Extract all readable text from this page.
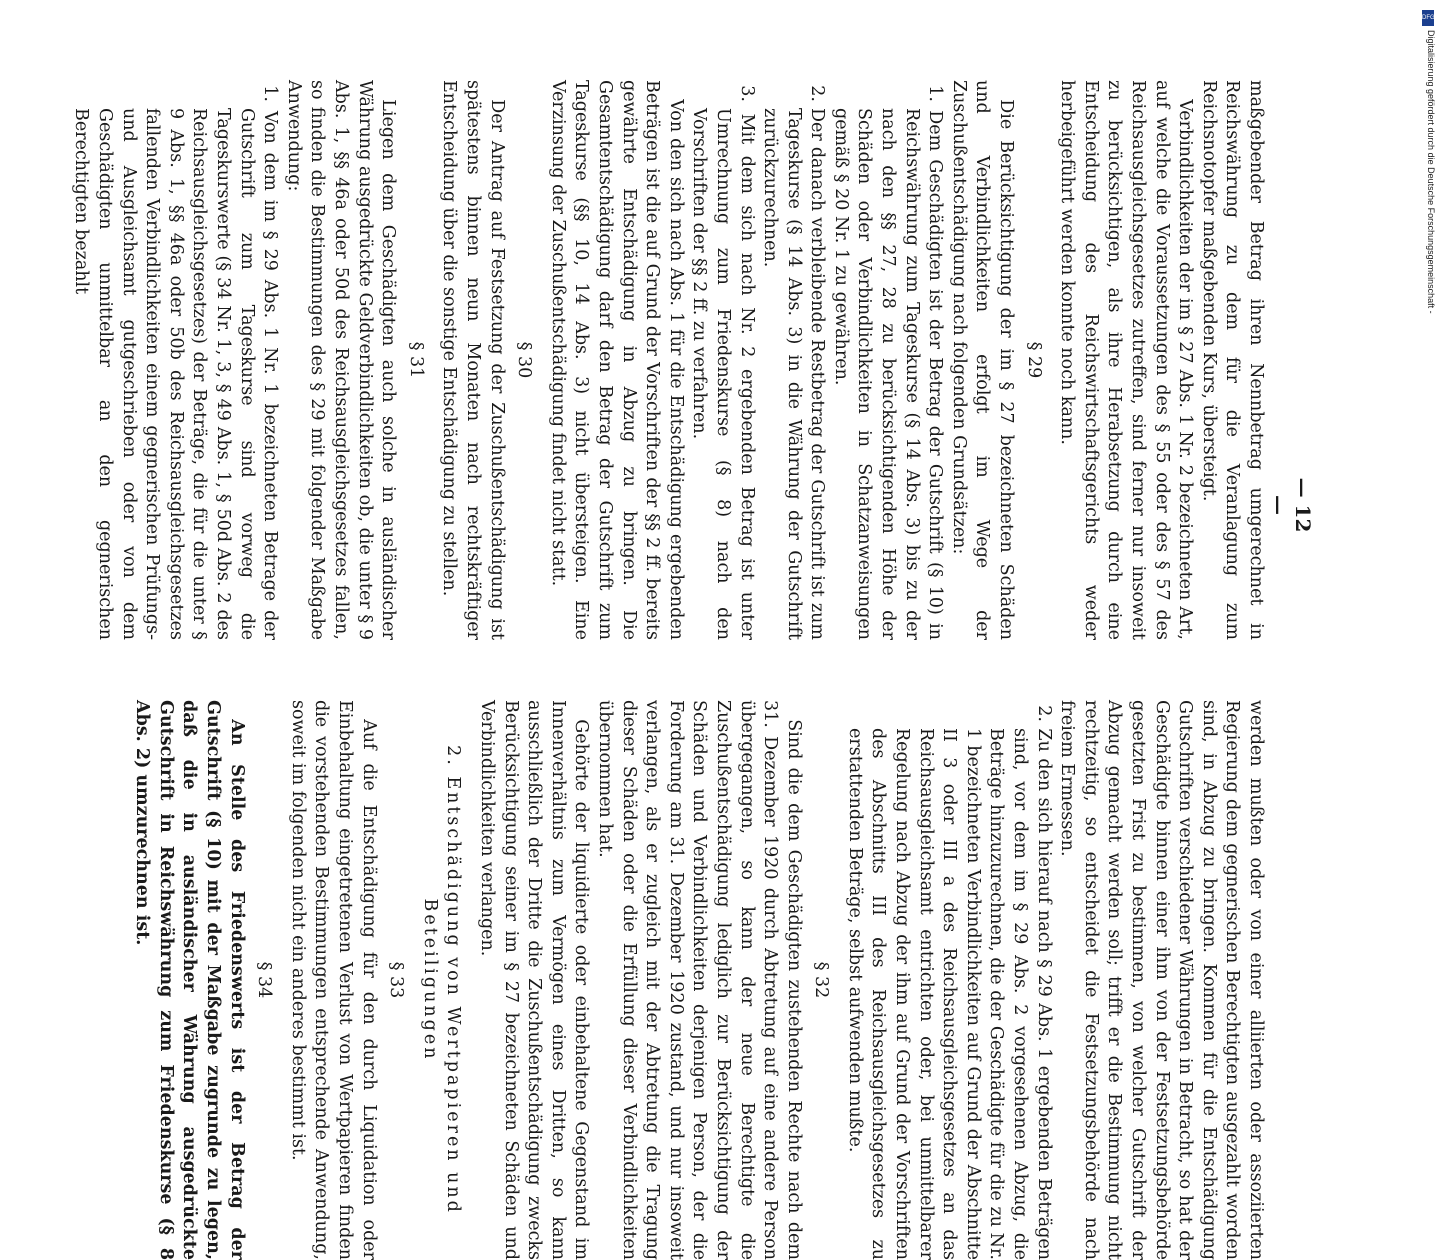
— 12 —

maßgebender Betrag ihren Nennbetrag umgerechnet in Reichswährung zu dem für die Veranlagung zum Reichsnotopfer maßgebenden Kurs, übersteigt.

Verbindlichkeiten der im § 27 Abs. 1 Nr. 2 bezeichneten Art, auf welche die Voraussetzungen des § 55 oder des § 57 des Reichsausgleichsgesetzes zutreffen, sind ferner nur insoweit zu berücksichtigen, als ihre Herabsetzung durch eine Entscheidung des Reichswirtschaftsgerichts weder herbeigeführt werden konnte noch kann.

§ 29

Die Berücksichtigung der im § 27 bezeichneten Schäden und Verbindlichkeiten erfolgt im Wege der Zuschußentschädigung nach folgenden Grundsätzen:

1. Dem Geschädigten ist der Betrag der Gutschrift (§ 10) in Reichswährung zum Tageskurse (§ 14 Abs. 3) bis zu der nach den §§ 27, 28 zu berücksichtigenden Höhe der Schäden oder Verbindlichkeiten in Schatzanweisungen gemäß § 20 Nr. 1 zu gewähren.

2. Der danach verbleibende Restbetrag der Gutschrift ist zum Tageskurse (§ 14 Abs. 3) in die Währung der Gutschrift zurückzurechnen.

3. Mit dem sich nach Nr. 2 ergebenden Betrag ist unter Umrechnung zum Friedenskurse (§ 8) nach den Vorschriften der §§ 2 ff. zu verfahren.

Von den sich nach Abs. 1 für die Entschädigung ergebenden Beträgen ist die auf Grund der Vorschriften der §§ 2 ff. bereits gewährte Entschädigung in Abzug zu bringen. Die Gesamtentschädigung darf den Betrag der Gutschrift zum Tageskurse (§§ 10, 14 Abs. 3) nicht übersteigen. Eine Verzinsung der Zuschußentschädigung findet nicht statt.

§ 30

Der Antrag auf Festsetzung der Zuschußentschädigung ist spätestens binnen neun Monaten nach rechtskräftiger Entscheidung über die sonstige Entschädigung zu stellen.

§ 31

Liegen dem Geschädigten auch solche in ausländischer Währung ausgedrückte Geldverbindlichkeiten ob, die unter § 9 Abs. 1, §§ 46a oder 50d des Reichsausgleichsgesetzes fallen, so finden die Bestimmungen des § 29 mit folgender Maßgabe Anwendung:

1. Von dem im § 29 Abs. 1 Nr. 1 bezeichneten Betrage der Gutschrift zum Tageskurse sind vorweg die Tageskurswerte (§ 34 Nr. 1, 3, § 49 Abs. 1, § 50d Abs. 2 des Reichsausgleichsgesetzes) der Beträge, die für die unter § 9 Abs. 1, §§ 46a oder 50b des Reichsausgleichsgesetzes fallenden Verbindlichkeiten einem gegnerischen Prüfungs- und Ausgleichsamt gutgeschrieben oder von dem Geschädigten unmittelbar an den gegnerischen Berechtigten bezahlt

werden mußten oder von einer alliierten oder assoziierten Regierung dem gegnerischen Berechtigten ausgezahlt worden sind, in Abzug zu bringen. Kommen für die Entschädigung Gutschriften verschiedener Währungen in Betracht, so hat der Geschädigte binnen einer ihm von der Festsetzungsbehörde gesetzten Frist zu bestimmen, von welcher Gutschrift der Abzug gemacht werden soll; trifft er die Bestimmung nicht rechtzeitig, so entscheidet die Festsetzungsbehörde nach freiem Ermessen.

2. Zu den sich hierauf nach § 29 Abs. 1 ergebenden Beträgen sind, vor dem im § 29 Abs. 2 vorgesehenen Abzug, die Beträge hinzuzurechnen, die der Geschädigte für die zu Nr. 1 bezeichneten Verbindlichkeiten auf Grund der Abschnitte II 3 oder III a des Reichsausgleichsgesetzes an das Reichsausgleichsamt entrichten oder, bei unmittelbarer Regelung nach Abzug der ihm auf Grund der Vorschriften des Abschnitts III des Reichsausgleichsgesetzes zu erstattenden Beträge, selbst aufwenden mußte.

§ 32

Sind die dem Geschädigten zustehenden Rechte nach dem 31. Dezember 1920 durch Abtretung auf eine andere Person übergegangen, so kann der neue Berechtigte die Zuschußentschädigung lediglich zur Berücksichtigung der Schäden und Verbindlichkeiten derjenigen Person, der die Forderung am 31. Dezember 1920 zustand, und nur insoweit verlangen, als er zugleich mit der Abtretung die Tragung dieser Schäden oder die Erfüllung dieser Verbindlichkeiten übernommen hat.

Gehörte der liquidierte oder einbehaltene Gegenstand im Innenverhältnis zum Vermögen eines Dritten, so kann ausschließlich der Dritte die Zuschußentschädigung zwecks Berücksichtigung seiner im § 27 bezeichneten Schäden und Verbindlichkeiten verlangen.

2. Entschädigung von Wertpapieren und Beteiligungen
§ 33

Auf die Entschädigung für den durch Liquidation oder Einbehaltung eingetretenen Verlust von Wertpapieren finden die vorstehenden Bestimmungen entsprechende Anwendung, soweit im folgenden nicht ein anderes bestimmt ist.

§ 34

An Stelle des Friedenswerts ist der Betrag der Gutschrift (§ 10) mit der Maßgabe zugrunde zu legen, daß die in ausländischer Währung ausgedrückte Gutschrift in Reichswährung zum Friedenskurse (§ 8 Abs. 2) umzurechnen ist.

DFG
Digitalisierung gefördert durch die Deutsche Forschungsgemeinschaft -
